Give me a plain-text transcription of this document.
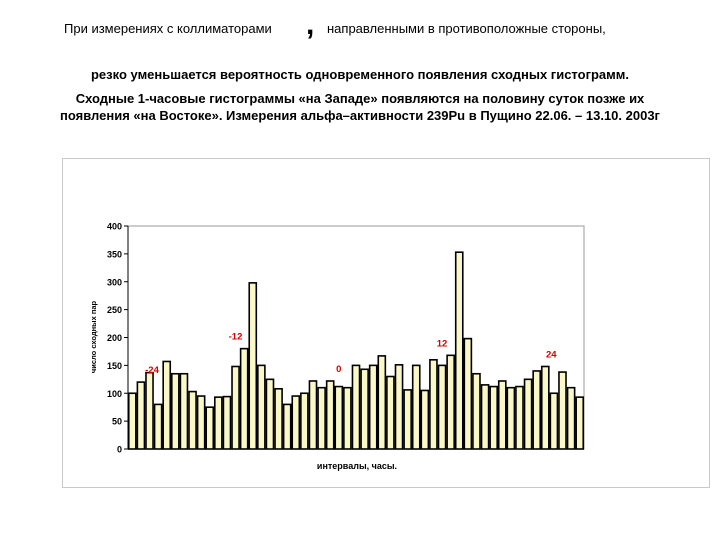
При измерениях с коллиматорами , направленными в противоположные стороны,
резко уменьшается вероятность одновременного появления сходных гистограмм.
Сходные 1-часовые гистограммы «на Западе» появляются на половину суток позже их появления «на Востоке». Измерения альфа–активности 239Pu в Пущино 22.06. – 13.10. 2003г
0
50
100
150
200
250
300
350
400
число сходных пар
интервалы, часы.
-24
-12
0
12
24
